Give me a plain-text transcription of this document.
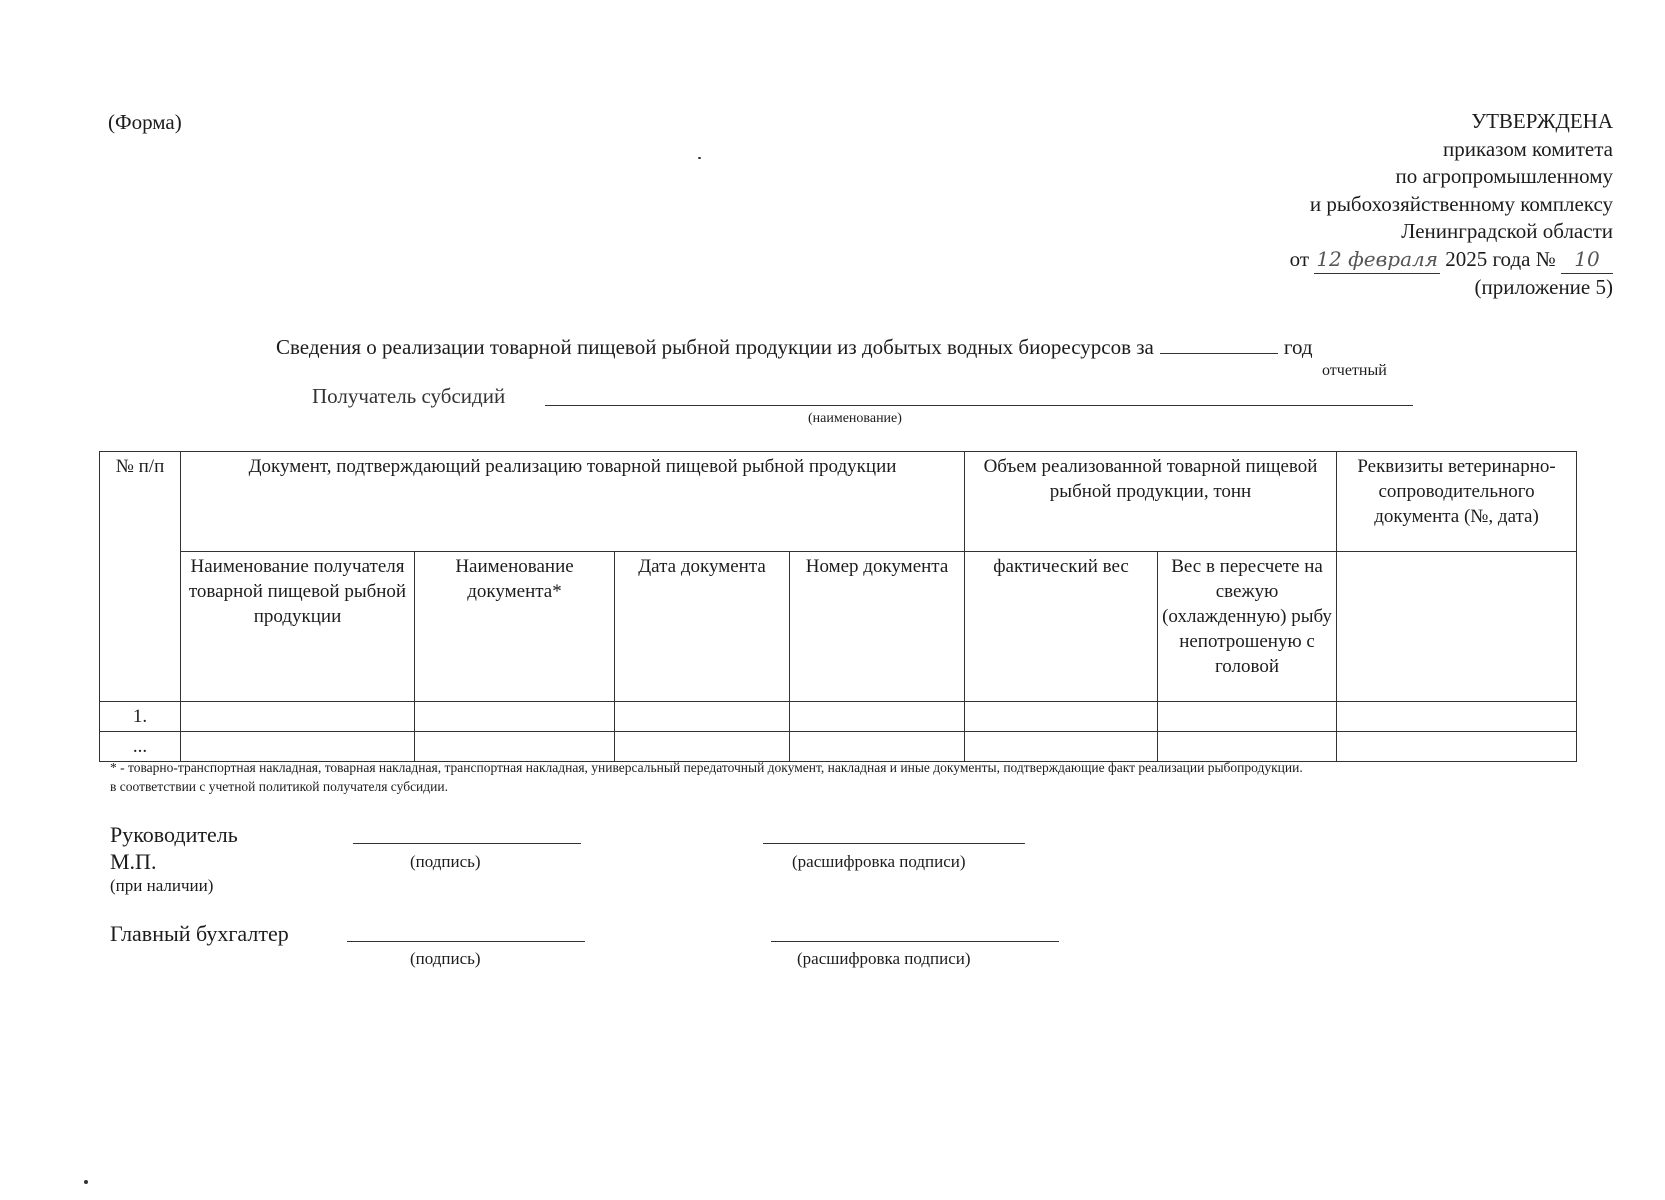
(Форма)	УТВЕРЖДЕНА
приказом комитета
по агропромышленному
и рыбохозяйственному комплексу
Ленинградской области
от 12 февраля 2025 года № 10
(приложение 5)
Сведения о реализации товарной пищевой рыбной продукции из добытых водных биоресурсов за	год
отчетный
Получатель субсидий
(наименование)
№ п/п	Документ, подтверждающий реализацию товарной пищевой рыбной продукции				Объем реализованной товарной пищевой рыбной продукции, тонн		Реквизиты ветеринарно-сопроводительного документа (№, дата)
	Наименование получателя товарной пищевой рыбной продукции	Наименование документа*	Дата документа	Номер документа	фактический вес	Вес в пересчете на свежую (охлажденную) рыбу непотрошеную с головой	
1.							
...							
* - товарно-транспортная накладная, товарная накладная, транспортная накладная, универсальный передаточный документ, накладная и иные документы, подтверждающие факт реализации рыбопродукции.
в соответствии с учетной политикой получателя субсидии.
Руководитель
М.П.	(подпись)	(расшифровка подписи)
(при наличии)
Главный бухгалтер
(подпись)	(расшифровка подписи)
